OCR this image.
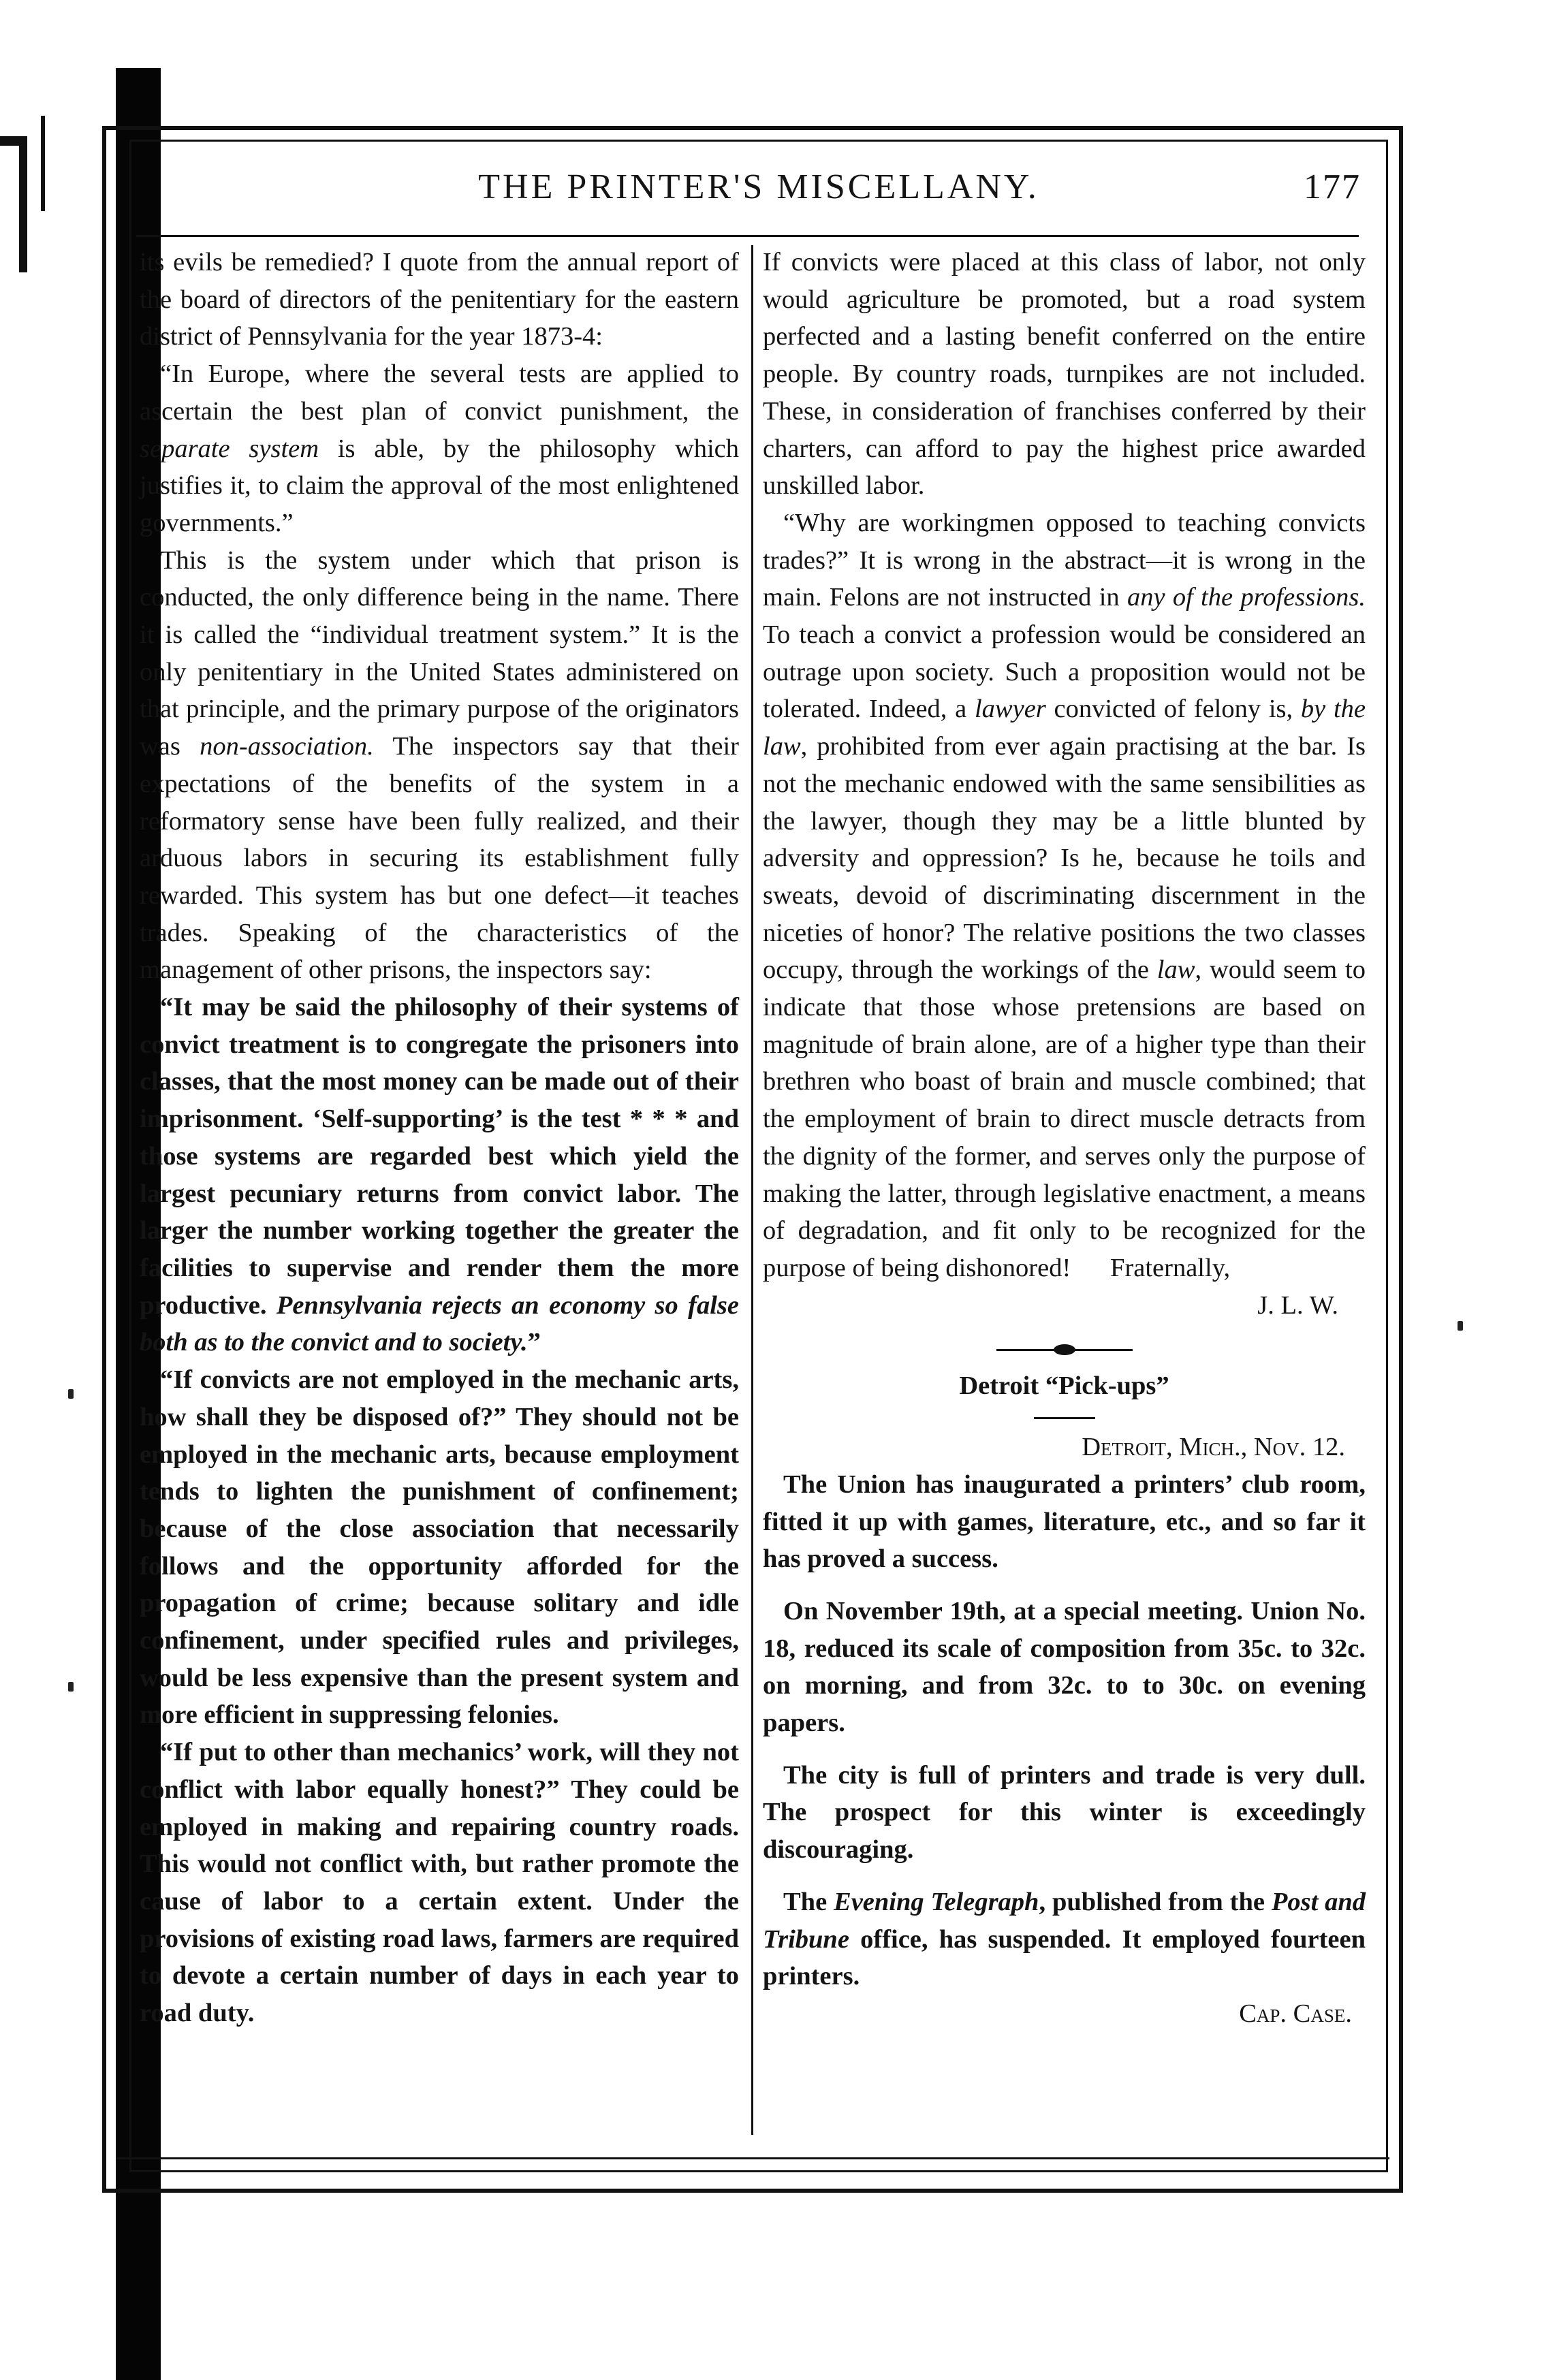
THE PRINTER'S MISCELLANY.	177

its evils be remedied? I quote from the annual report of the board of directors of the penitentiary for the eastern district of Pennsylvania for the year 1873-4:

“In Europe, where the several tests are applied to ascertain the best plan of convict punishment, the separate system is able, by the philosophy which justifies it, to claim the approval of the most enlightened governments.”

This is the system under which that prison is conducted, the only difference being in the name. There it is called the “individual treatment system.” It is the only penitentiary in the United States administered on that principle, and the primary purpose of the originators was non-association. The inspectors say that their expectations of the benefits of the system in a reformatory sense have been fully realized, and their arduous labors in securing its establishment fully rewarded. This system has but one defect—it teaches trades. Speaking of the characteristics of the management of other prisons, the inspectors say:

“It may be said the philosophy of their systems of convict treatment is to congregate the prisoners into classes, that the most money can be made out of their imprisonment. ‘Self-supporting’ is the test * * * and those systems are regarded best which yield the largest pecuniary returns from convict labor. The larger the number working together the greater the facilities to supervise and render them the more productive. Pennsylvania rejects an economy so false both as to the convict and to society.”

“If convicts are not employed in the mechanic arts, how shall they be disposed of?” They should not be employed in the mechanic arts, because employment tends to lighten the punishment of confinement; because of the close association that necessarily follows and the opportunity afforded for the propagation of crime; because solitary and idle confinement, under specified rules and privileges, would be less expensive than the present system and more efficient in suppressing felonies.

“If put to other than mechanics’ work, will they not conflict with labor equally honest?” They could be employed in making and repairing country roads. This would not conflict with, but rather promote the cause of labor to a certain extent. Under the provisions of existing road laws, farmers are required to devote a certain number of days in each year to road duty.

If convicts were placed at this class of labor, not only would agriculture be promoted, but a road system perfected and a lasting benefit conferred on the entire people. By country roads, turnpikes are not included. These, in consideration of franchises conferred by their charters, can afford to pay the highest price awarded unskilled labor.

“Why are workingmen opposed to teaching convicts trades?” It is wrong in the abstract—it is wrong in the main. Felons are not instructed in any of the professions. To teach a convict a profession would be considered an outrage upon society. Such a proposition would not be tolerated. Indeed, a lawyer convicted of felony is, by the law, prohibited from ever again practising at the bar. Is not the mechanic endowed with the same sensibilities as the lawyer, though they may be a little blunted by adversity and oppression? Is he, because he toils and sweats, devoid of discriminating discernment in the niceties of honor? The relative positions the two classes occupy, through the workings of the law, would seem to indicate that those whose pretensions are based on magnitude of brain alone, are of a higher type than their brethren who boast of brain and muscle combined; that the employment of brain to direct muscle detracts from the dignity of the former, and serves only the purpose of making the latter, through legislative enactment, a means of degradation, and fit only to be recognized for the purpose of being dishonored! Fraternally,

J. L. W.

Detroit “Pick-ups”

Detroit, Mich., Nov. 12.

The Union has inaugurated a printers’ club room, fitted it up with games, literature, etc., and so far it has proved a success.

On November 19th, at a special meeting. Union No. 18, reduced its scale of composition from 35c. to 32c. on morning, and from 32c. to to 30c. on evening papers.

The city is full of printers and trade is very dull. The prospect for this winter is exceedingly discouraging.

The Evening Telegraph, published from the Post and Tribune office, has suspended. It employed fourteen printers.

Cap. Case.
